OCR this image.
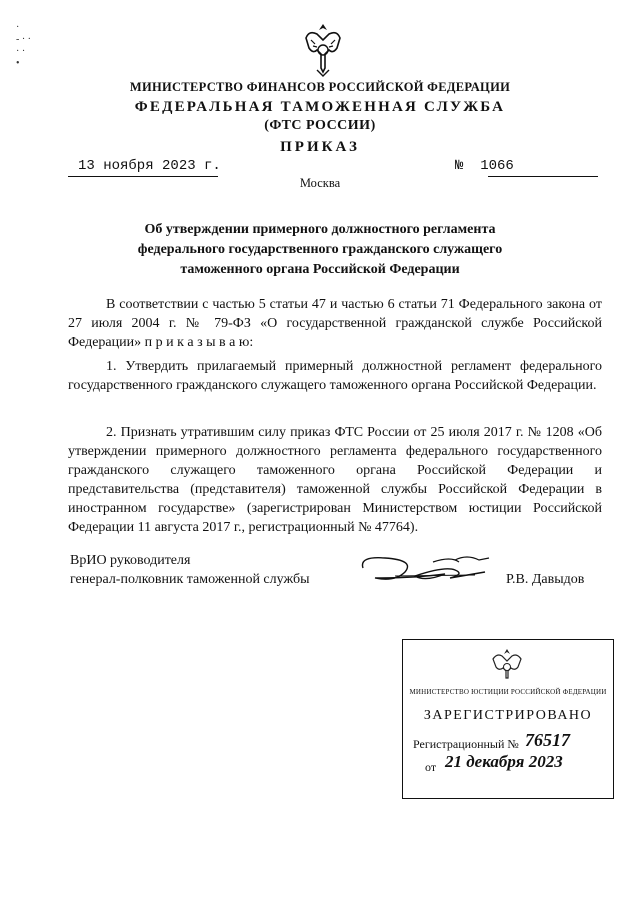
·
- · ·
· ·
•
МИНИСТЕРСТВО ФИНАНСОВ РОССИЙСКОЙ ФЕДЕРАЦИИ
ФЕДЕРАЛЬНАЯ ТАМОЖЕННАЯ СЛУЖБА
(ФТС РОССИИ)
ПРИКАЗ
13 ноября 2023 г.	№ 1066
Москва
Об утверждении примерного должностного регламента
федерального государственного гражданского служащего
таможенного органа Российской Федерации
В соответствии с частью 5 статьи 47 и частью 6 статьи 71 Федерального закона от 27 июля 2004 г. № 79-ФЗ «О государственной гражданской службе Российской Федерации» п р и к а з ы в а ю:
1. Утвердить прилагаемый примерный должностной регламент федерального государственного гражданского служащего таможенного органа Российской Федерации.
2. Признать утратившим силу приказ ФТС России от 25 июля 2017 г. № 1208 «Об утверждении примерного должностного регламента федерального государственного гражданского служащего таможенного органа Российской Федерации и представительства (представителя) таможенной службы Российской Федерации в иностранном государстве» (зарегистрирован Министерством юстиции Российской Федерации 11 августа 2017 г., регистрационный № 47764).
ВрИО руководителя
генерал-полковник таможенной службы	Р.В. Давыдов
МИНИСТЕРСТВО ЮСТИЦИИ РОССИЙСКОЙ ФЕДЕРАЦИИ
ЗАРЕГИСТРИРОВАНО
Регистрационный № 76517
от 21 декабря 2023
